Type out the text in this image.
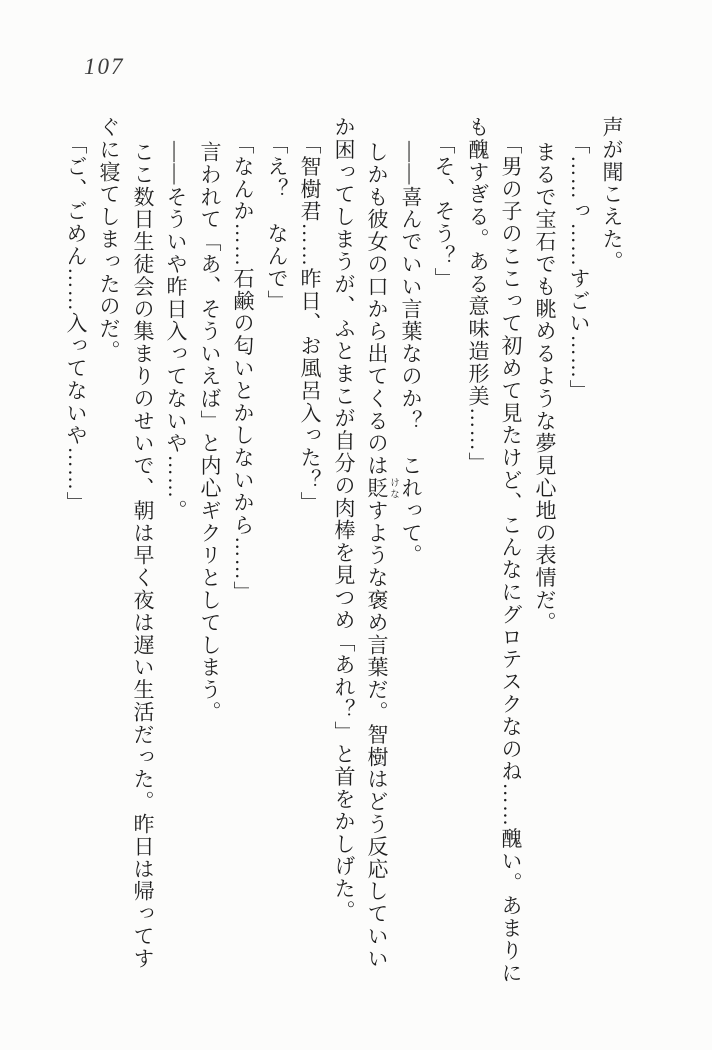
107
声が聞こえた。
「……っ……すごい……」
まるで宝石でも眺めるような夢見心地の表情だ。
「男の子のここって初めて見たけど、こんなにグロテスクなのね……醜い。あまりに
も醜すぎる。ある意味造形美……」
「そ、そう？」
――喜んでいい言葉なのか？　これって。
しかも彼女の口から出てくるのは貶 けなすような褒め言葉だ。智樹はどう反応していい
か困ってしまうが、ふとまこが自分の肉棒を見つめ「あれ？」と首をかしげた。
「智樹君……昨日、お風呂入った？」
「え？　なんで」
「なんか……石鹸の匂いとかしないから……」
言われて「あ、そういえば」と内心ギクリとしてしまう。
――そういや昨日入ってないや……。
ここ数日生徒会の集まりのせいで、朝は早く夜は遅い生活だった。昨日は帰ってす
ぐに寝てしまったのだ。
「ご、ごめん……入ってないや……」
